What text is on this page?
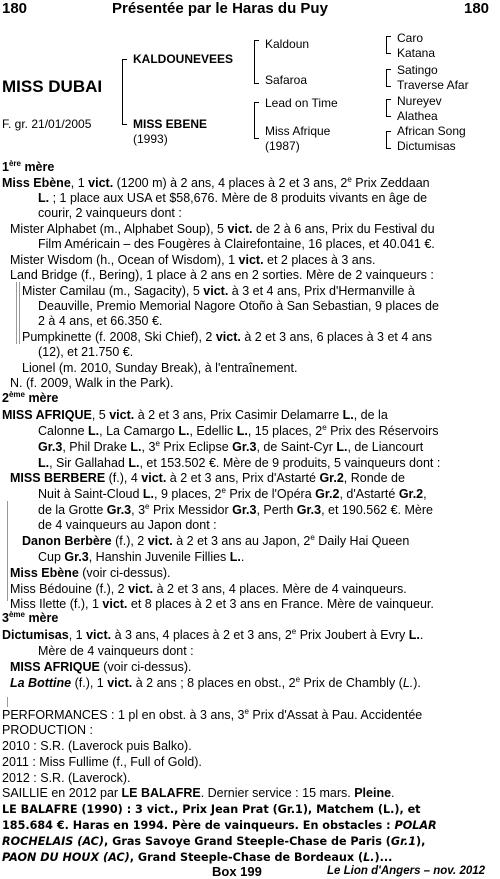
180	Présentée par le Haras du Puy	180
MISS DUBAI
F. gr. 21/01/2005
KALDOUNEVEES
MISS EBENE
(1993)
Kaldoun
Safaroa
Lead on Time
Miss Afrique
(1987)
Caro
Katana
Satingo
Traverse Afar
Nureyev
Alathea
African Song
Dictumisas
1ère mère
Miss Ebène, 1 vict. (1200 m) à 2 ans, 4 places à 2 et 3 ans, 2e Prix Zeddaan
L. ; 1 place aux USA et $58,676. Mère de 8 produits vivants en âge de
courir, 2 vainqueurs dont :
Mister Alphabet (m., Alphabet Soup), 5 vict. de 2 à 6 ans, Prix du Festival du
Film Américain – des Fougères à Clairefontaine, 16 places, et 40.041 €.
Mister Wisdom (h., Ocean of Wisdom), 1 vict. et 2 places à 3 ans.
Land Bridge (f., Bering), 1 place à 2 ans en 2 sorties. Mère de 2 vainqueurs :
Mister Camilau (m., Sagacity), 5 vict. à 3 et 4 ans, Prix d'Hermanville à
Deauville, Premio Memorial Nagore Otoño à San Sebastian, 9 places de
2 à 4 ans, et 66.350 €.
Pumpkinette (f. 2008, Ski Chief), 2 vict. à 2 et 3 ans, 6 places à 3 et 4 ans
(12), et 21.750 €.
Lionel (m. 2010, Sunday Break), à l'entraînement.
N. (f. 2009, Walk in the Park).
2ème mère
MISS AFRIQUE, 5 vict. à 2 et 3 ans, Prix Casimir Delamarre L., de la
Calonne L., La Camargo L., Edellic L., 15 places, 2e Prix des Réservoirs
Gr.3, Phil Drake L., 3e Prix Eclipse Gr.3, de Saint-Cyr L., de Liancourt
L., Sir Gallahad L., et 153.502 €. Mère de 9 produits, 5 vainqueurs dont :
MISS BERBERE (f.), 4 vict. à 2 et 3 ans, Prix d'Astarté Gr.2, Ronde de
Nuit à Saint-Cloud L., 9 places, 2e Prix de l'Opéra Gr.2, d'Astarté Gr.2,
de la Grotte Gr.3, 3e Prix Messidor Gr.3, Perth Gr.3, et 190.562 €. Mère
de 4 vainqueurs au Japon dont :
Danon Berbère (f.), 2 vict. à 2 et 3 ans au Japon, 2e Daily Hai Queen
Cup Gr.3, Hanshin Juvenile Fillies L..
Miss Ebène (voir ci-dessus).
Miss Bédouine (f.), 2 vict. à 2 et 3 ans, 4 places. Mère de 4 vainqueurs.
Miss Ilette (f.), 1 vict. et 8 places à 2 et 3 ans en France. Mère de vainqueur.
3ème mère
Dictumisas, 1 vict. à 3 ans, 4 places à 2 et 3 ans, 2e Prix Joubert à Evry L..
Mère de 4 vainqueurs dont :
MISS AFRIQUE (voir ci-dessus).
La Bottine (f.), 1 vict. à 2 ans ; 8 places en obst., 2e Prix de Chambly (L.).
PERFORMANCES : 1 pl en obst. à 3 ans, 3e Prix d'Assat à Pau. Accidentée
PRODUCTION :
2010 : S.R. (Laverock puis Balko).
2011 : Miss Fullime (f., Full of Gold).
2012 : S.R. (Laverock).
SAILLIE en 2012 par LE BALAFRE. Dernier service : 15 mars. Pleine.
LE BALAFRE (1990) : 3 vict., Prix Jean Prat (Gr.1), Matchem (L.), et
185.684 €. Haras en 1994. Père de vainqueurs. En obstacles : POLAR
ROCHELAIS (AC), Gras Savoye Grand Steeple-Chase de Paris (Gr.1),
PAON DU HOUX (AC), Grand Steeple-Chase de Bordeaux (L.)...
Box 199	Le Lion d'Angers – nov. 2012
